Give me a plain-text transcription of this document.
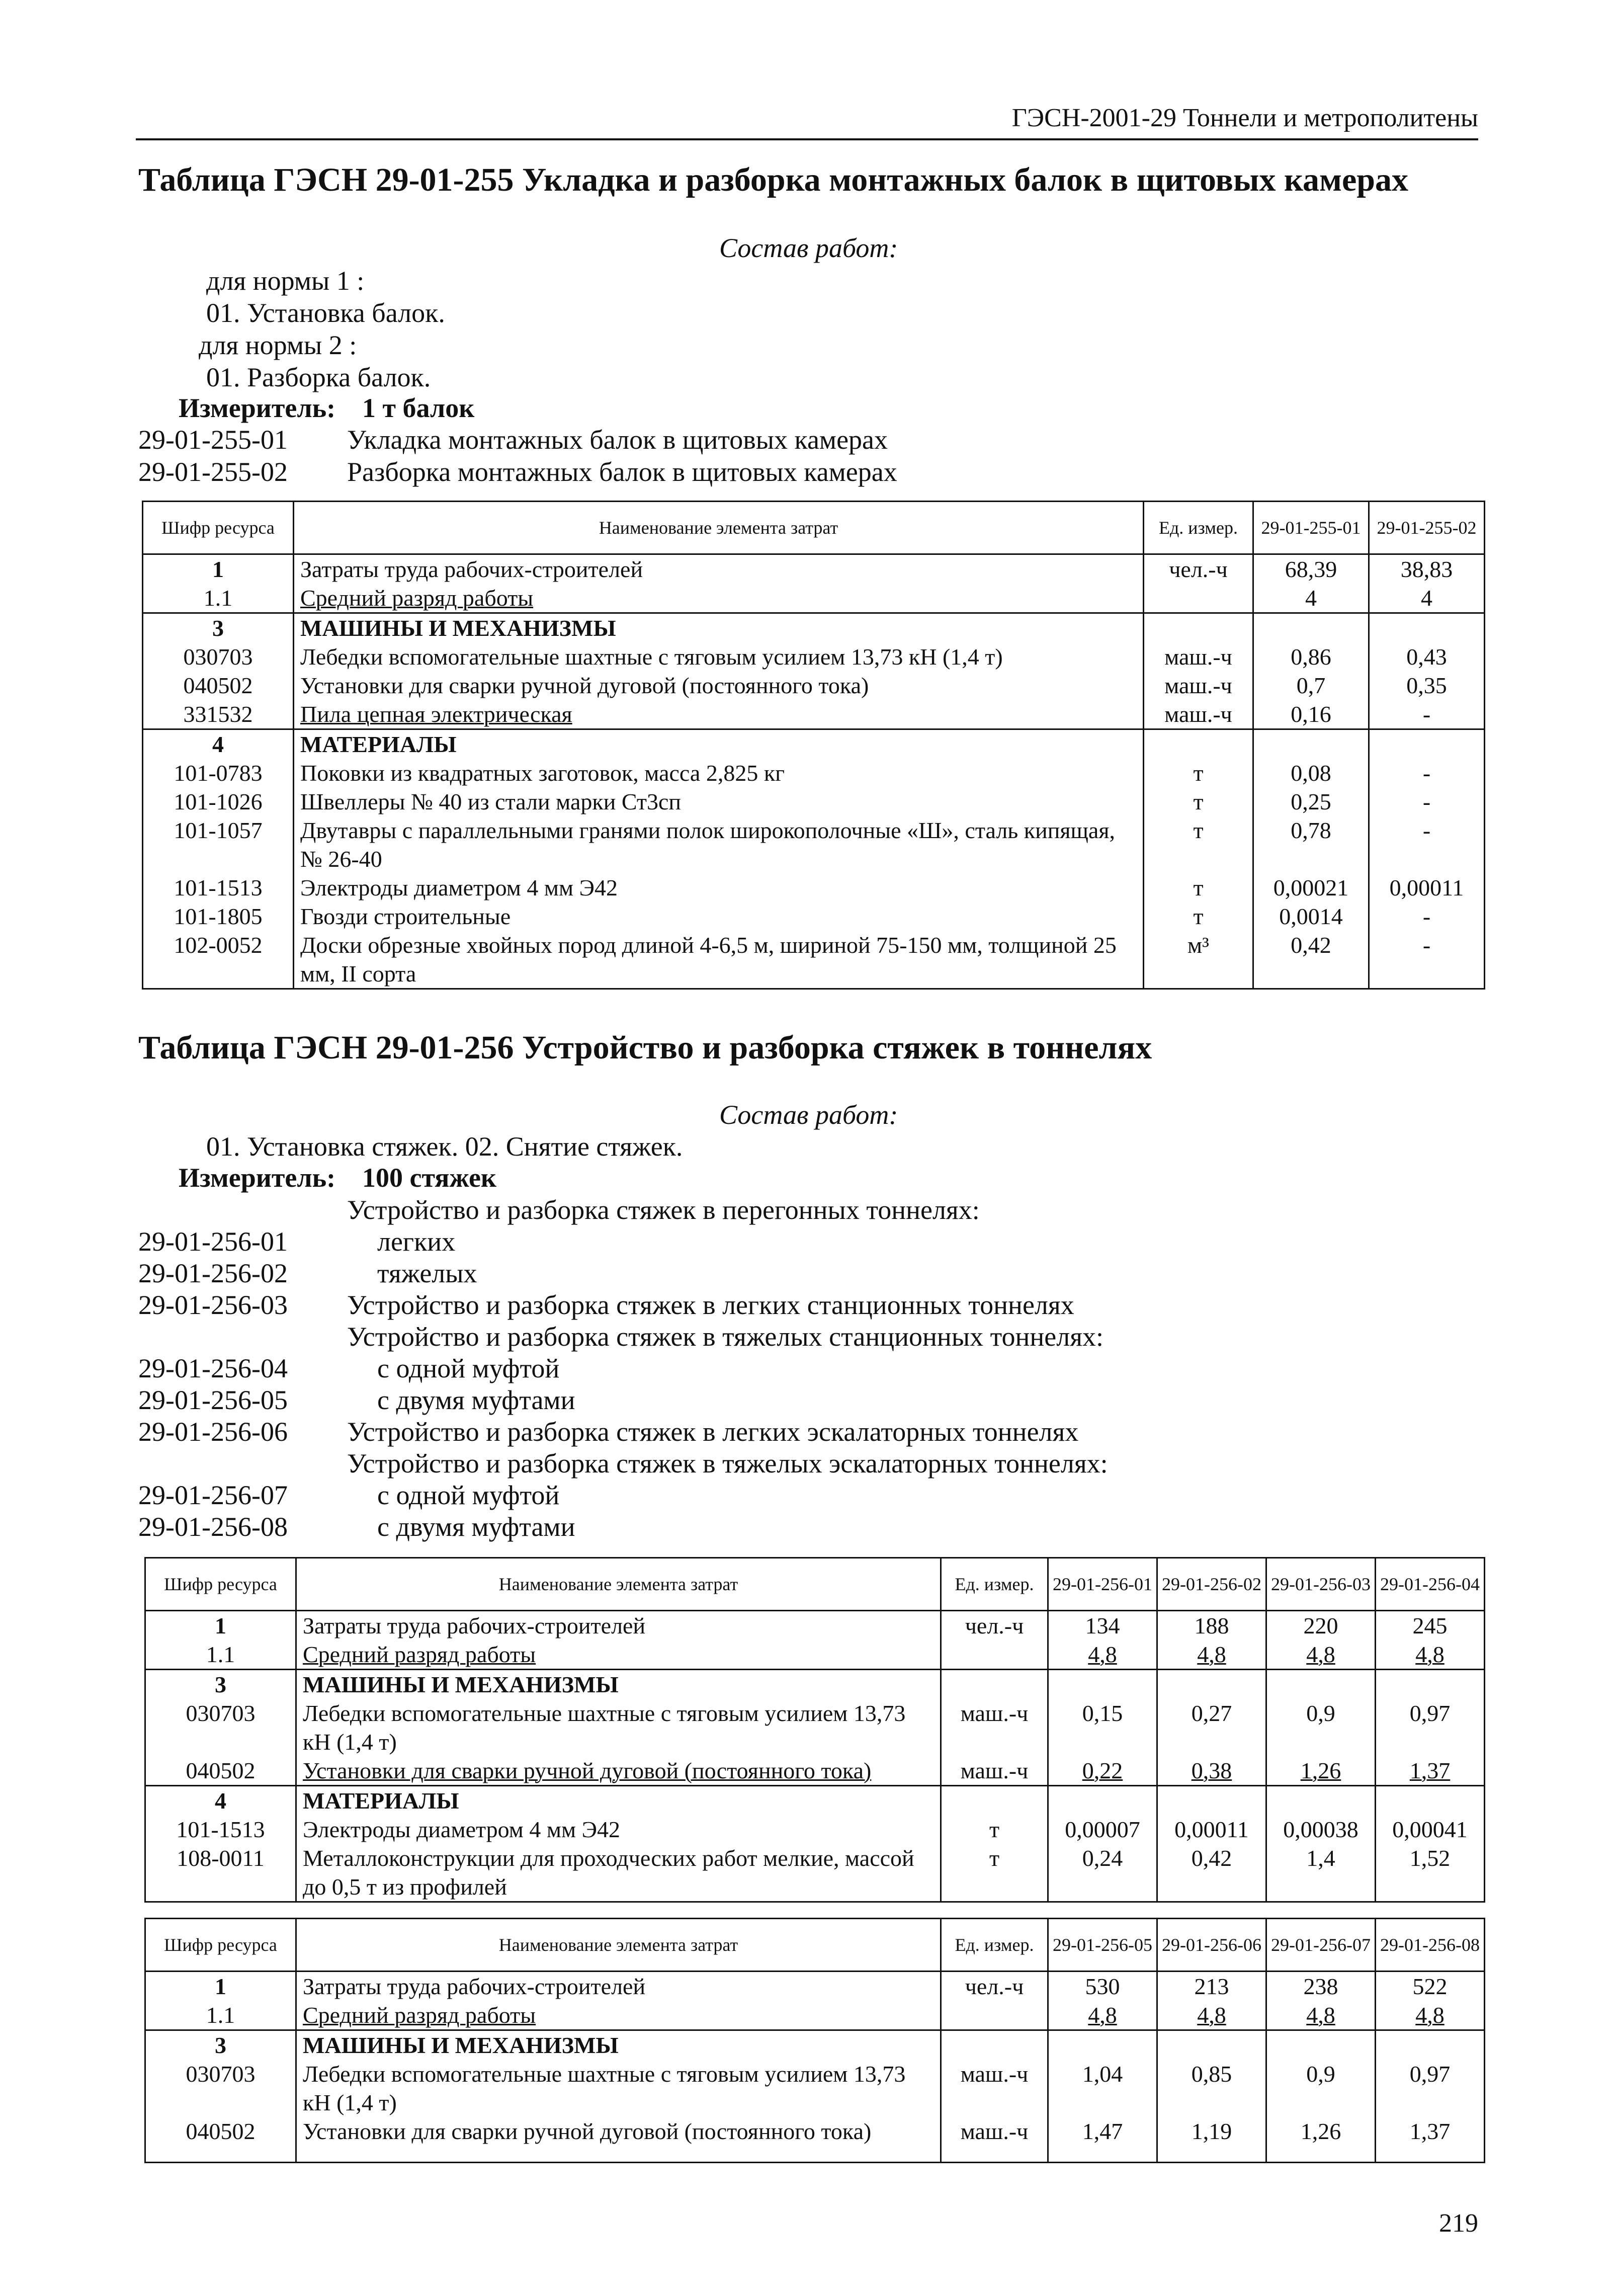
ГЭСН-2001-29 Тоннели и метрополитены
Таблица ГЭСН 29-01-255 Укладка и разборка монтажных балок в щитовых камерах
Состав работ:
для нормы 1 :
01. Установка балок.
для нормы 2 :
01. Разборка балок.
Измеритель: 1 т балок
29-01-255-01 Укладка монтажных балок в щитовых камерах
29-01-255-02 Разборка монтажных балок в щитовых камерах
Шифр ресурса	Наименование элемента затрат	Ед. измер.	29-01-255-01	29-01-255-02
1	Затраты труда рабочих-строителей	чел.-ч	68,39	38,83
1.1	Средний разряд работы		4	4
3	МАШИНЫ И МЕХАНИЗМЫ			
030703	Лебедки вспомогательные шахтные с тяговым усилием 13,73 кН (1,4 т)	маш.-ч	0,86	0,43
040502	Установки для сварки ручной дуговой (постоянного тока)	маш.-ч	0,7	0,35
331532	Пила цепная электрическая	маш.-ч	0,16	-
4	МАТЕРИАЛЫ			
101-0783	Поковки из квадратных заготовок, масса 2,825 кг	т	0,08	-
101-1026	Швеллеры № 40 из стали марки Ст3сп	т	0,25	-
101-1057	Двутавры с параллельными гранями полок широкополочные «Ш», сталь кипящая, № 26-40	т	0,78	-
101-1513	Электроды диаметром 4 мм Э42	т	0,00021	0,00011
101-1805	Гвозди строительные	т	0,0014	-
102-0052	Доски обрезные хвойных пород длиной 4-6,5 м, шириной 75-150 мм, толщиной 25 мм, II сорта	м³	0,42	-
Таблица ГЭСН 29-01-256 Устройство и разборка стяжек в тоннелях
Состав работ:
01. Установка стяжек. 02. Снятие стяжек.
Измеритель: 100 стяжек
Устройство и разборка стяжек в перегонных тоннелях:
29-01-256-01	легких
29-01-256-02	тяжелых
29-01-256-03 Устройство и разборка стяжек в легких станционных тоннелях
Устройство и разборка стяжек в тяжелых станционных тоннелях:
29-01-256-04	с одной муфтой
29-01-256-05	с двумя муфтами
29-01-256-06 Устройство и разборка стяжек в легких эскалаторных тоннелях
Устройство и разборка стяжек в тяжелых эскалаторных тоннелях:
29-01-256-07	с одной муфтой
29-01-256-08	с двумя муфтами
Шифр ресурса	Наименование элемента затрат	Ед. измер.	29-01-256-01	29-01-256-02	29-01-256-03	29-01-256-04
1	Затраты труда рабочих-строителей	чел.-ч	134	188	220	245
1.1	Средний разряд работы		4,8	4,8	4,8	4,8
3	МАШИНЫ И МЕХАНИЗМЫ					
030703	Лебедки вспомогательные шахтные с тяговым усилием 13,73 кН (1,4 т)	маш.-ч	0,15	0,27	0,9	0,97
040502	Установки для сварки ручной дуговой (постоянного тока)	маш.-ч	0,22	0,38	1,26	1,37
4	МАТЕРИАЛЫ					
101-1513	Электроды диаметром 4 мм Э42	т	0,00007	0,00011	0,00038	0,00041
108-0011	Металлоконструкции для проходческих работ мелкие, массой до 0,5 т из профилей	т	0,24	0,42	1,4	1,52
Шифр ресурса	Наименование элемента затрат	Ед. измер.	29-01-256-05	29-01-256-06	29-01-256-07	29-01-256-08
1	Затраты труда рабочих-строителей	чел.-ч	530	213	238	522
1.1	Средний разряд работы		4,8	4,8	4,8	4,8
3	МАШИНЫ И МЕХАНИЗМЫ					
030703	Лебедки вспомогательные шахтные с тяговым усилием 13,73 кН (1,4 т)	маш.-ч	1,04	0,85	0,9	0,97
040502	Установки для сварки ручной дуговой (постоянного тока)	маш.-ч	1,47	1,19	1,26	1,37
219
